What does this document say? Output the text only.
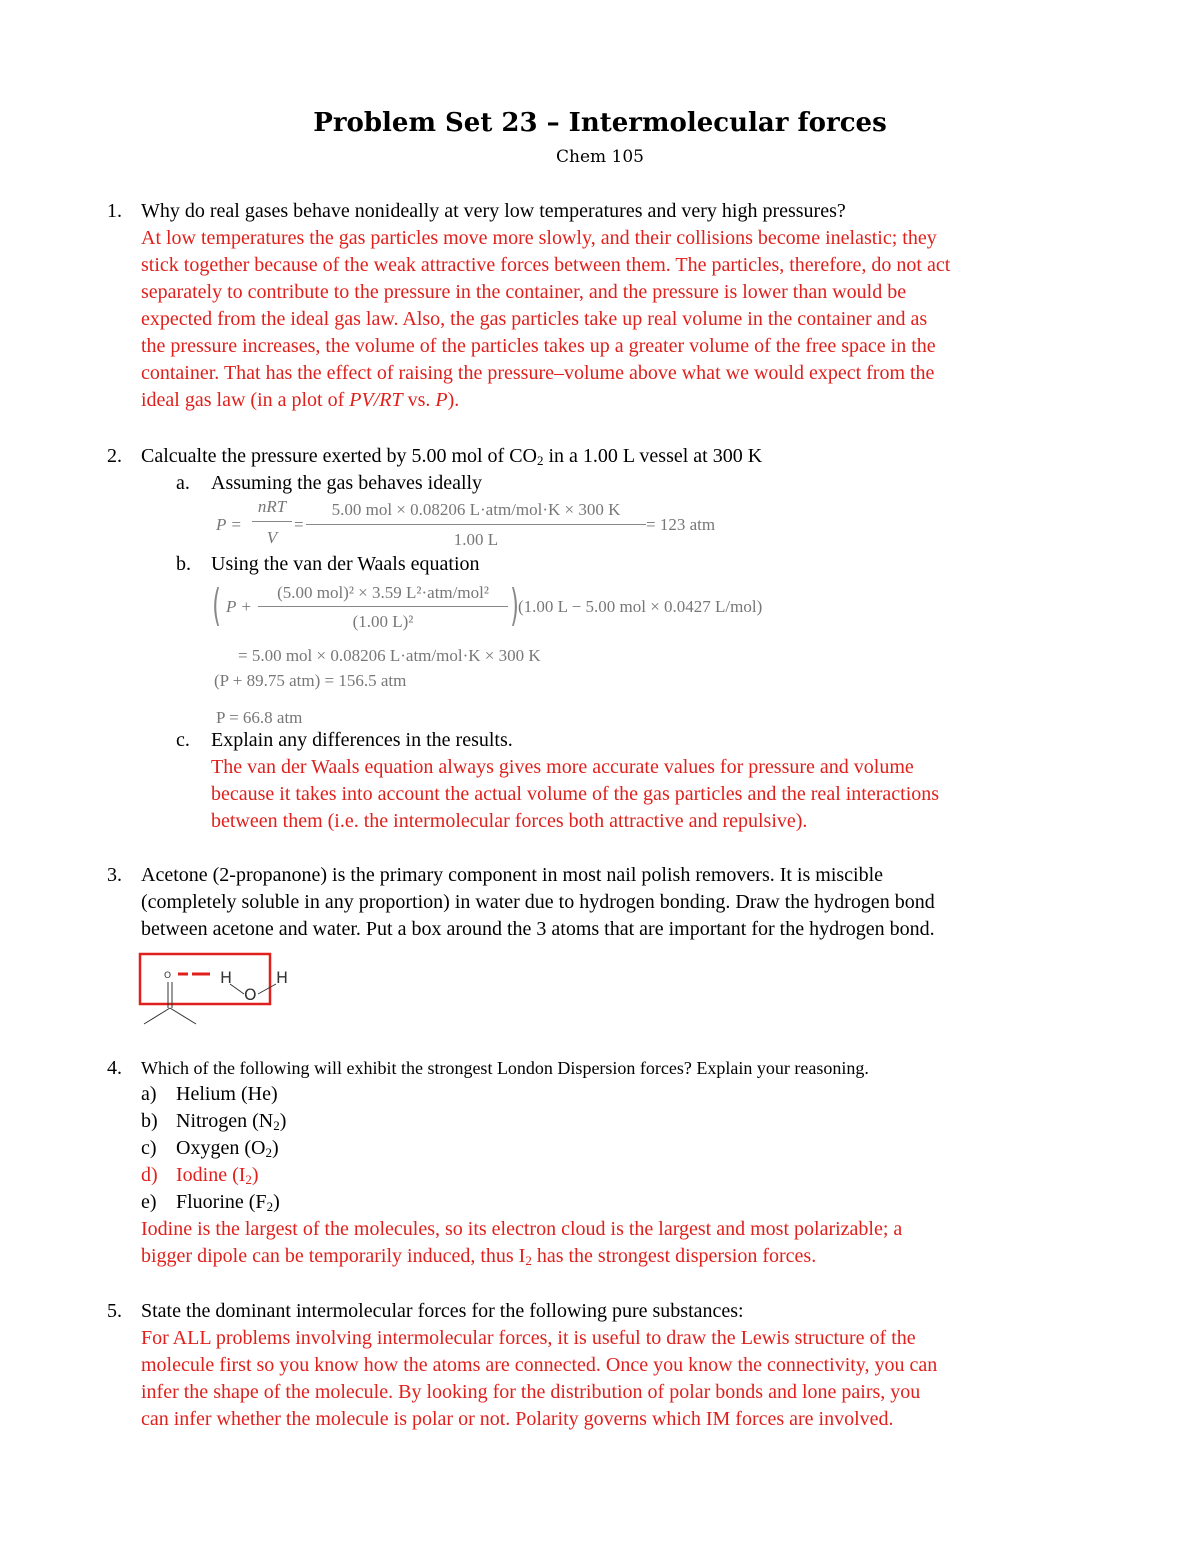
Problem Set 23 – Intermolecular forces
Chem 105
1. Why do real gases behave nonideally at very low temperatures and very high pressures?
At low temperatures the gas particles move more slowly, and their collisions become inelastic; they
stick together because of the weak attractive forces between them. The particles, therefore, do not act
separately to contribute to the pressure in the container, and the pressure is lower than would be
expected from the ideal gas law. Also, the gas particles take up real volume in the container and as
the pressure increases, the volume of the particles takes up a greater volume of the free space in the
container. That has the effect of raising the pressure–volume above what we would expect from the
ideal gas law (in a plot of PV/RT vs. P).
2. Calcualte the pressure exerted by 5.00 mol of $CO_2$ in a 1.00 L vessel at 300 K
a. Assuming the gas behaves ideally
P =
nRT
V
=
5.00 mol × 0.08206 L·atm/mol·K × 300 K
1.00 L
= 123 atm
b. Using the van der Waals equation
( P +
(5.00 mol)² × 3.59 L²·atm/mol²
(1.00 L)²	) (1.00 L − 5.00 mol × 0.0427 L/mol)
= 5.00 mol × 0.08206 L·atm/mol·K × 300 K
(P + 89.75 atm) = 156.5 atm
P = 66.8 atm
c. Explain any differences in the results.
The van der Waals equation always gives more accurate values for pressure and volume
because it takes into account the actual volume of the gas particles and the real interactions
between them (i.e. the intermolecular forces both attractive and repulsive).
3. Acetone (2-propanone) is the primary component in most nail polish removers. It is miscible
(completely soluble in any proportion) in water due to hydrogen bonding. Draw the hydrogen bond
between acetone and water. Put a box around the 3 atoms that are important for the hydrogen bond.
O	H
O
H
4. Which of the following will exhibit the strongest London Dispersion forces? Explain your reasoning.
a) Helium (He)
b) Nitrogen $(N_2)$
c) Oxygen $(O_2)$
d) Iodine $(I_2)$
e) Fluorine $(F_2)$
Iodine is the largest of the molecules, so its electron cloud is the largest and most polarizable; a
bigger dipole can be temporarily induced, thus $I_2$ has the strongest dispersion forces.
5. State the dominant intermolecular forces for the following pure substances:
For ALL problems involving intermolecular forces, it is useful to draw the Lewis structure of the
molecule first so you know how the atoms are connected. Once you know the connectivity, you can
infer the shape of the molecule. By looking for the distribution of polar bonds and lone pairs, you
can infer whether the molecule is polar or not. Polarity governs which IM forces are involved.
